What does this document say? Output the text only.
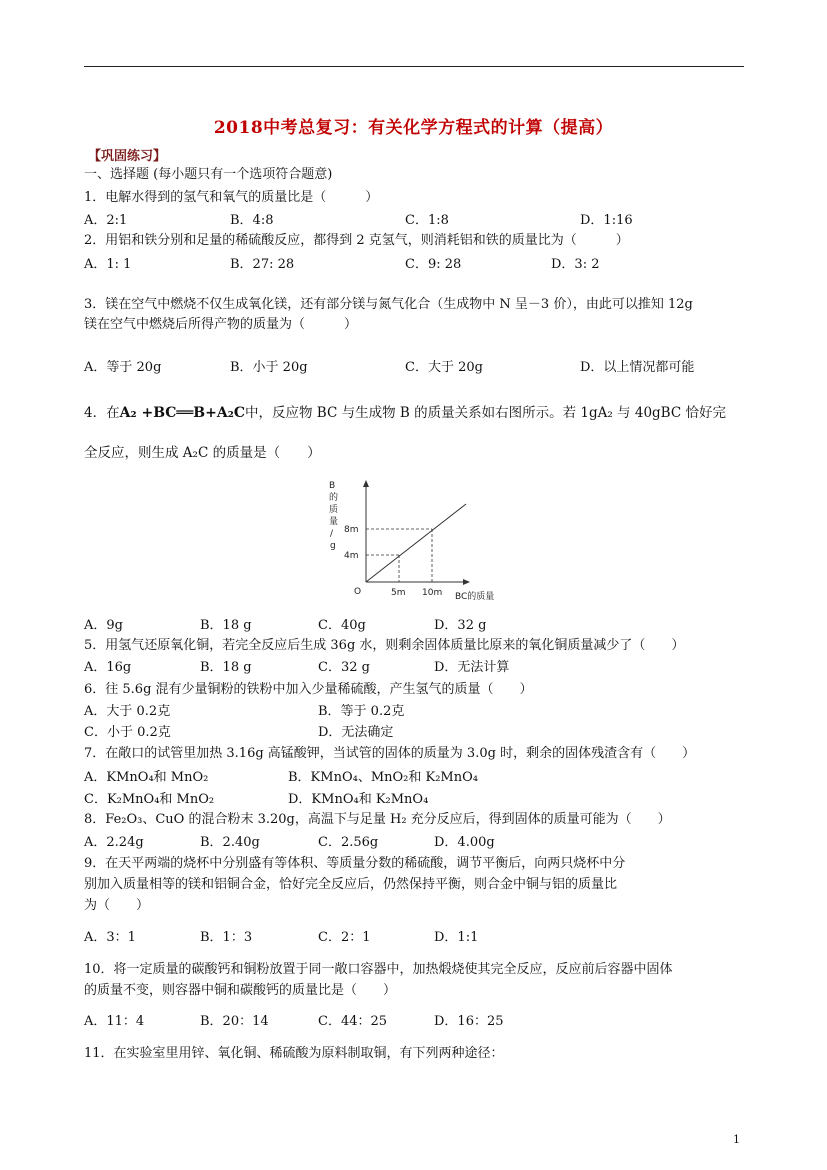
2018中考总复习：有关化学方程式的计算（提高）
【巩固练习】
一、选择题 (每小题只有一个选项符合题意)
1．电解水得到的氢气和氧气的质量比是（　　　）
A．2:1	B．4:8	C．1:8	D．1:16
2．用铝和铁分别和足量的稀硫酸反应，都得到 2 克氢气，则消耗铝和铁的质量比为（　　　）
A．1: 1	B．27: 28	C．9: 28	D．3: 2
3．镁在空气中燃烧不仅生成氧化镁，还有部分镁与氮气化合（生成物中 N 呈－3 价），由此可以推知 12g
镁在空气中燃烧后所得产物的质量为（　　　）
A．等于 20g	B．小于 20g	C．大于 20g	D．以上情况都可能
4．在A₂ +BC══B+A₂C中，反应物 BC 与生成物 B 的质量关系如右图所示。若 1gA₂ 与 40gBC 恰好完
全反应，则生成 A₂C 的质量是（　　）
B
的
质
量
/
g
8m
4m
O	5m 10m BC的质量
A．9g	B．18 g	C．40g	D．32 g
5．用氢气还原氧化铜，若完全反应后生成 36g 水，则剩余固体质量比原来的氧化铜质量减少了（　　）
A．16g	B．18 g	C．32 g	D．无法计算
6．往 5.6g 混有少量铜粉的铁粉中加入少量稀硫酸，产生氢气的质量（　　）
A．大于 0.2克	B．等于 0.2克
C．小于 0.2克	D．无法确定
7．在敞口的试管里加热 3.16g 高锰酸钾，当试管的固体的质量为 3.0g 时，剩余的固体残渣含有（　　）
A．KMnO₄和 MnO₂	B．KMnO₄、MnO₂和 K₂MnO₄
C．K₂MnO₄和 MnO₂	D．KMnO₄和 K₂MnO₄
8．Fe₂O₃、CuO 的混合粉末 3.20g，高温下与足量 H₂ 充分反应后，得到固体的质量可能为（　　）
A．2.24g	B．2.40g	C．2.56g	D．4.00g
9．在天平两端的烧杯中分别盛有等体积、等质量分数的稀硫酸，调节平衡后，向两只烧杯中分
别加入质量相等的镁和铝铜合金，恰好完全反应后，仍然保持平衡，则合金中铜与铝的质量比
为（　　）
A．3：1	B．1：3	C．2：1	D．1:1
10．将一定质量的碳酸钙和铜粉放置于同一敞口容器中，加热煅烧使其完全反应，反应前后容器中固体
的质量不变，则容器中铜和碳酸钙的质量比是（　　）
A．11：4	B．20：14	C．44：25	D．16：25
11．在实验室里用锌、氧化铜、稀硫酸为原料制取铜，有下列两种途径：
1
